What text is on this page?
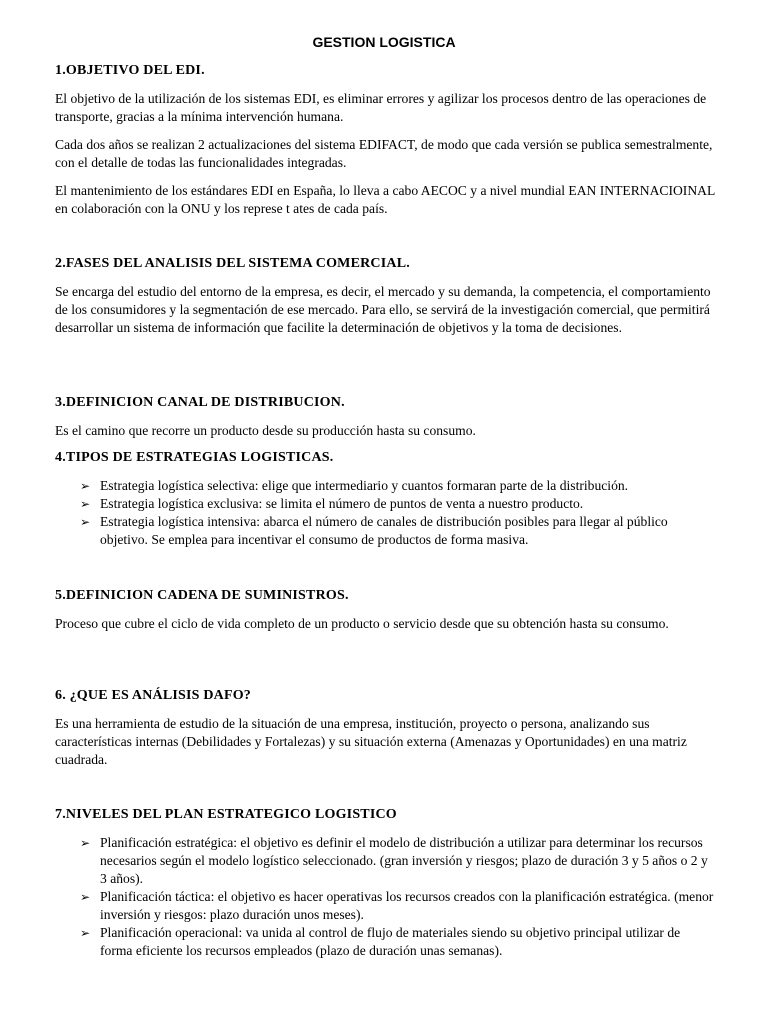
GESTION LOGISTICA
1.OBJETIVO DEL EDI.
El objetivo de la utilización de los sistemas EDI, es eliminar errores y agilizar los procesos dentro de las operaciones de transporte, gracias a la mínima intervención humana.
Cada dos años se realizan 2 actualizaciones del sistema EDIFACT, de modo que cada versión se publica semestralmente, con el detalle de todas las funcionalidades integradas.
El mantenimiento de los estándares EDI en España, lo lleva a cabo AECOC y a nivel mundial EAN INTERNACIOINAL en colaboración con la ONU y los represe t ates de cada país.
2.FASES DEL ANALISIS DEL SISTEMA COMERCIAL.
Se encarga del estudio del entorno de la empresa, es decir, el mercado y su demanda, la competencia, el comportamiento de los consumidores y la segmentación de ese mercado. Para ello, se servirá de la investigación comercial, que permitirá desarrollar un sistema de información que facilite la determinación de objetivos y la toma de decisiones.
3.DEFINICION CANAL DE DISTRIBUCION.
Es el camino que recorre un producto desde su producción hasta su consumo.
4.TIPOS DE ESTRATEGIAS LOGISTICAS.
➢ Estrategia logística selectiva: elige que intermediario y cuantos formaran parte de la distribución.
➢ Estrategia logística exclusiva: se limita el número de puntos de venta a nuestro producto.
➢ Estrategia logística intensiva: abarca el número de canales de distribución posibles para llegar al público objetivo. Se emplea para incentivar el consumo de productos de forma masiva.
5.DEFINICION CADENA DE SUMINISTROS.
Proceso que cubre el ciclo de vida completo de un producto o servicio desde que su obtención hasta su consumo.
6. ¿QUE ES ANÁLISIS DAFO?
Es una herramienta de estudio de la situación de una empresa, institución, proyecto o persona, analizando sus características internas (Debilidades y Fortalezas) y su situación externa (Amenazas y Oportunidades) en una matriz cuadrada.
7.NIVELES DEL PLAN ESTRATEGICO LOGISTICO
➢ Planificación estratégica: el objetivo es definir el modelo de distribución a utilizar para determinar los recursos necesarios según el modelo logístico seleccionado. (gran inversión y riesgos; plazo de duración 3 y 5 años o 2 y 3 años).
➢ Planificación táctica: el objetivo es hacer operativas los recursos creados con la planificación estratégica. (menor inversión y riesgos: plazo duración unos meses).
➢ Planificación operacional: va unida al control de flujo de materiales siendo su objetivo principal utilizar de forma eficiente los recursos empleados (plazo de duración unas semanas).
